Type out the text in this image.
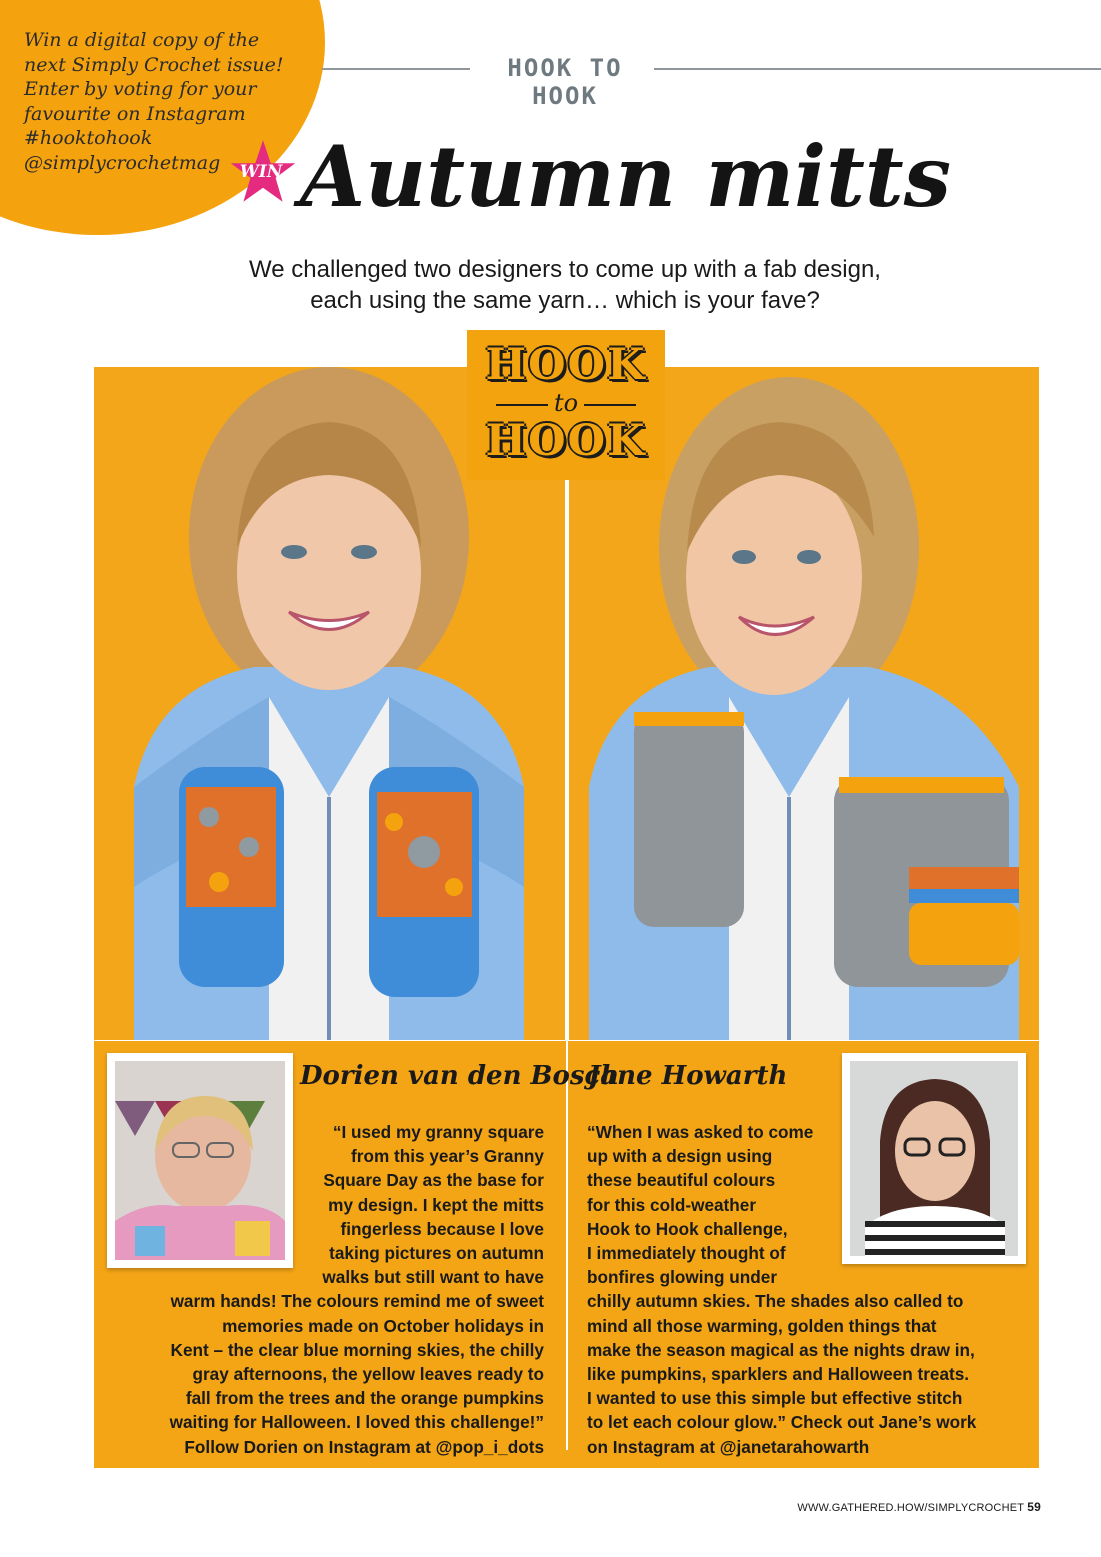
Win a digital copy of the
next Simply Crochet issue!
Enter by voting for your
favourite on Instagram
#hooktohook
@simplycrochetmag
HOOK TO HOOK
WIN Autumn mitts
We challenged two designers to come up with a fab design,
each using the same yarn… which is your fave?
HOOK
to
HOOK
Dorien van den Bosch
“I used my granny square
from this year’s Granny
Square Day as the base for
my design. I kept the mitts
fingerless because I love
taking pictures on autumn
walks but still want to have
warm hands! The colours remind me of sweet
memories made on October holidays in
Kent – the clear blue morning skies, the chilly
gray afternoons, the yellow leaves ready to
fall from the trees and the orange pumpkins
waiting for Halloween. I loved this challenge!”
Follow Dorien on Instagram at @pop_i_dots
Jane Howarth
“When I was asked to come
up with a design using
these beautiful colours
for this cold-weather
Hook to Hook challenge,
I immediately thought of
bonfires glowing under
chilly autumn skies. The shades also called to
mind all those warming, golden things that
make the season magical as the nights draw in,
like pumpkins, sparklers and Halloween treats.
I wanted to use this simple but effective stitch
to let each colour glow.” Check out Jane’s work
on Instagram at @janetarahowarth
WWW.GATHERED.HOW/SIMPLYCROCHET 59
